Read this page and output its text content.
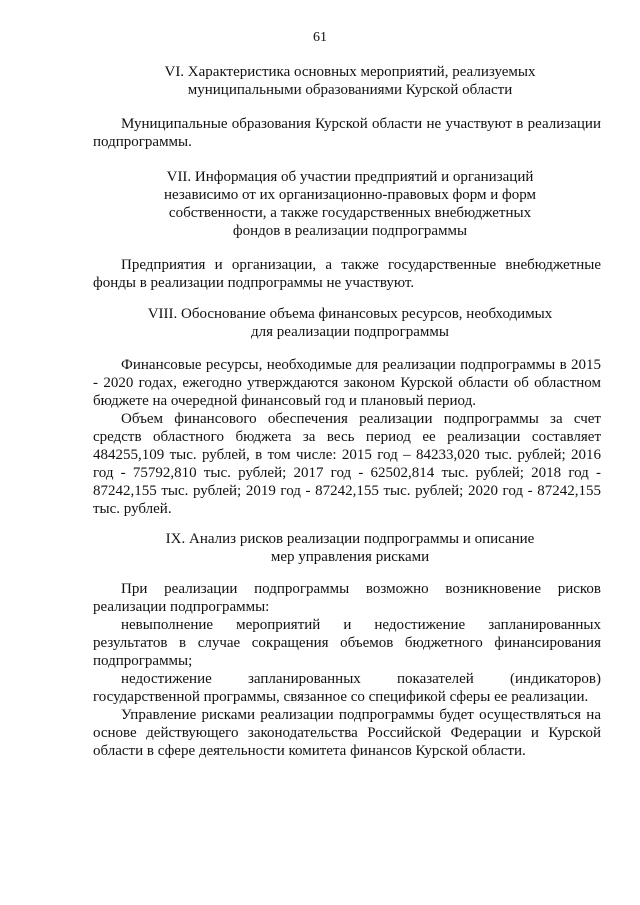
61
VI. Характеристика основных мероприятий, реализуемых
муниципальными образованиями Курской области

Муниципальные образования Курской области не участвуют в реализации подпрограммы.

VII. Информация об участии предприятий и организаций
независимо от их организационно-правовых форм и форм
собственности, а также государственных внебюджетных
фондов в реализации подпрограммы

Предприятия и организации, а также государственные внебюджетные фонды в реализации подпрограммы не участвуют.

VIII. Обоснование объема финансовых ресурсов, необходимых
для реализации подпрограммы

Финансовые ресурсы, необходимые для реализации подпрограммы в 2015 - 2020 годах, ежегодно утверждаются законом Курской области об областном бюджете на очередной финансовый год и плановый период.

Объем финансового обеспечения реализации подпрограммы за счет средств областного бюджета за весь период ее реализации составляет 484255,109 тыс. рублей, в том числе: 2015 год – 84233,020 тыс. рублей; 2016 год - 75792,810 тыс. рублей; 2017 год - 62502,814 тыс. рублей; 2018 год - 87242,155 тыс. рублей; 2019 год - 87242,155 тыс. рублей; 2020 год - 87242,155 тыс. рублей.

IX. Анализ рисков реализации подпрограммы и описание
мер управления рисками

При реализации подпрограммы возможно возникновение рисков реализации подпрограммы:

невыполнение мероприятий и недостижение запланированных результатов в случае сокращения объемов бюджетного финансирования подпрограммы;

недостижение запланированных показателей (индикаторов) государственной программы, связанное со спецификой сферы ее реализации.

Управление рисками реализации подпрограммы будет осуществляться на основе действующего законодательства Российской Федерации и Курской области в сфере деятельности комитета финансов Курской области.
